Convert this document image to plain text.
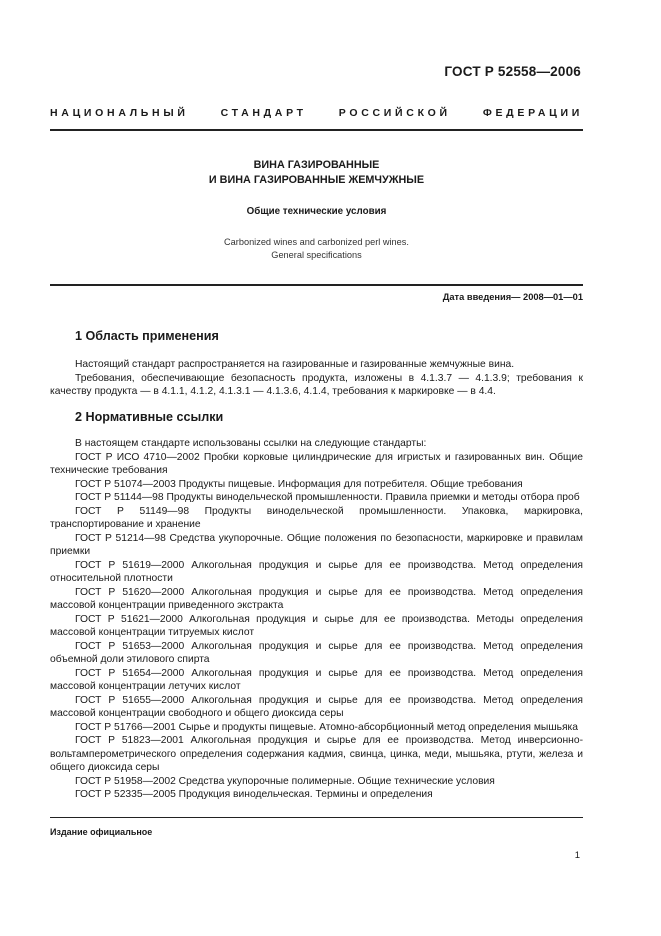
ГОСТ Р 52558—2006
НАЦИОНАЛЬНЫЙ СТАНДАРТ РОССИЙСКОЙ ФЕДЕРАЦИИ
ВИНА ГАЗИРОВАННЫЕ
И ВИНА ГАЗИРОВАННЫЕ ЖЕМЧУЖНЫЕ
Общие технические условия
Carbonized wines and carbonized perl wines.
General specifications
Дата введения— 2008—01—01
1 Область применения

Настоящий стандарт распространяется на газированные и газированные жемчужные вина.

Требования, обеспечивающие безопасность продукта, изложены в 4.1.3.7 — 4.1.3.9; требования к качеству продукта — в 4.1.1, 4.1.2, 4.1.3.1 — 4.1.3.6, 4.1.4, требования к маркировке — в 4.4.

2 Нормативные ссылки

В настоящем стандарте использованы ссылки на следующие стандарты:

ГОСТ Р ИСО 4710—2002 Пробки корковые цилиндрические для игристых и газированных вин. Общие технические требования

ГОСТ Р 51074—2003 Продукты пищевые. Информация для потребителя. Общие требования

ГОСТ Р 51144—98 Продукты винодельческой промышленности. Правила приемки и методы отбора проб

ГОСТ Р 51149—98 Продукты винодельческой промышленности. Упаковка, маркировка, транспортирование и хранение

ГОСТ Р 51214—98 Средства укупорочные. Общие положения по безопасности, маркировке и правилам приемки

ГОСТ Р 51619—2000 Алкогольная продукция и сырье для ее производства. Метод определения относительной плотности

ГОСТ Р 51620—2000 Алкогольная продукция и сырье для ее производства. Метод определения массовой концентрации приведенного экстракта

ГОСТ Р 51621—2000 Алкогольная продукция и сырье для ее производства. Методы определения массовой концентрации титруемых кислот

ГОСТ Р 51653—2000 Алкогольная продукция и сырье для ее производства. Метод определения объемной доли этилового спирта

ГОСТ Р 51654—2000 Алкогольная продукция и сырье для ее производства. Метод определения массовой концентрации летучих кислот

ГОСТ Р 51655—2000 Алкогольная продукция и сырье для ее производства. Метод определения массовой концентрации свободного и общего диоксида серы

ГОСТ Р 51766—2001 Сырье и продукты пищевые. Атомно-абсорбционный метод определения мышьяка

ГОСТ Р 51823—2001 Алкогольная продукция и сырье для ее производства. Метод инверсионно-вольтамперометрического определения содержания кадмия, свинца, цинка, меди, мышьяка, ртути, железа и общего диоксида серы

ГОСТ Р 51958—2002 Средства укупорочные полимерные. Общие технические условия

ГОСТ Р 52335—2005 Продукция винодельческая. Термины и определения

Издание официальное
1
